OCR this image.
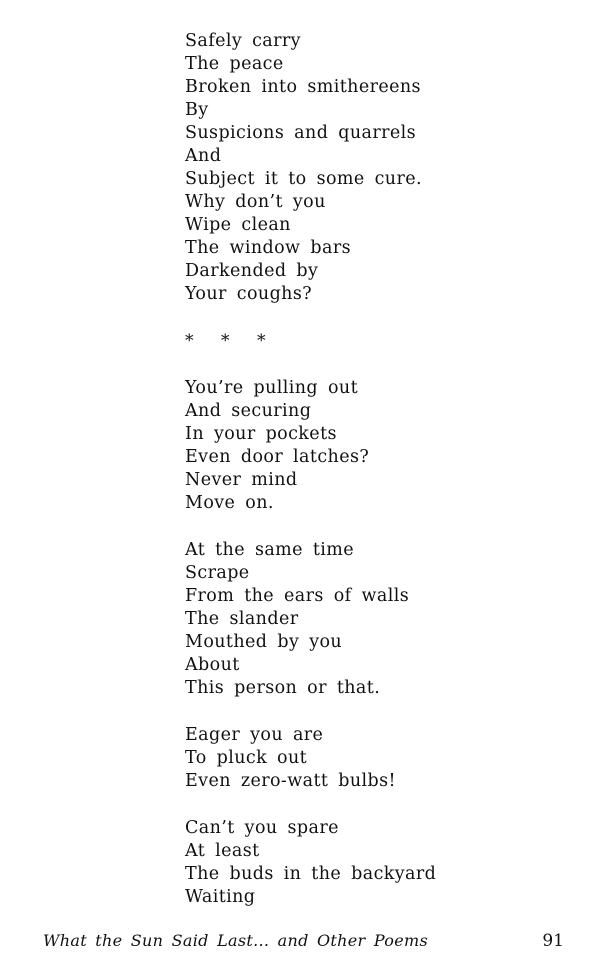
Safely carry
The peace
Broken into smithereens
By
Suspicions and quarrels
And
Subject it to some cure.
Why don’t you
Wipe clean
The window bars
Darkended by
Your coughs?
* * *
You’re pulling out
And securing
In your pockets
Even door latches?
Never mind
Move on.
At the same time
Scrape
From the ears of walls
The slander
Mouthed by you
About
This person or that.
Eager you are
To pluck out
Even zero-watt bulbs!
Can’t you spare
At least
The buds in the backyard
Waiting
What the Sun Said Last... and Other Poems	91
